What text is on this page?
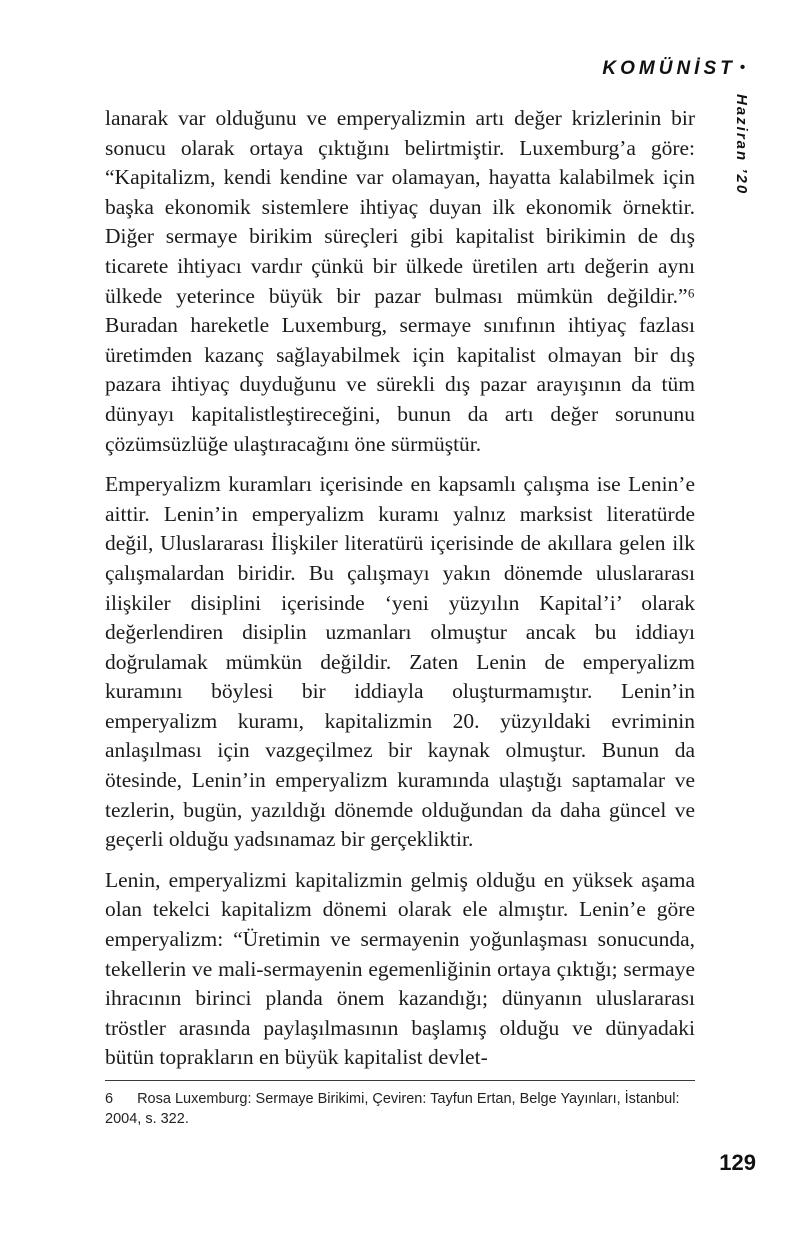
KOMÜNİST •
Haziran ’20

lanarak var olduğunu ve emperyalizmin artı değer krizlerinin bir sonucu olarak ortaya çıktığını belirtmiştir. Luxemburg’a göre: “Kapitalizm, kendi kendine var olamayan, hayatta kalabilmek için başka ekonomik sistemlere ihtiyaç duyan ilk ekonomik örnektir. Diğer sermaye birikim süreçleri gibi kapitalist birikimin de dış ticarete ihtiyacı vardır çünkü bir ülkede üretilen artı değerin aynı ülkede yeterince büyük bir pazar bulması mümkün değildir.”⁶ Buradan hareketle Luxemburg, sermaye sınıfının ihtiyaç fazlası üretimden kazanç sağlayabilmek için kapitalist olmayan bir dış pazara ihtiyaç duyduğunu ve sürekli dış pazar arayışının da tüm dünyayı kapitalistleştireceğini, bunun da artı değer sorununu çözümsüzlüğe ulaştıracağını öne sürmüştür.

Emperyalizm kuramları içerisinde en kapsamlı çalışma ise Lenin’e aittir. Lenin’in emperyalizm kuramı yalnız marksist literatürde değil, Uluslararası İlişkiler literatürü içerisinde de akıllara gelen ilk çalışmalardan biridir. Bu çalışmayı yakın dönemde uluslararası ilişkiler disiplini içerisinde ‘yeni yüzyılın Kapital’i’ olarak değerlendiren disiplin uzmanları olmuştur ancak bu iddiayı doğrulamak mümkün değildir. Zaten Lenin de emperyalizm kuramını böylesi bir iddiayla oluşturmamıştır. Lenin’in emperyalizm kuramı, kapitalizmin 20. yüzyıldaki evriminin anlaşılması için vazgeçilmez bir kaynak olmuştur. Bunun da ötesinde, Lenin’in emperyalizm kuramında ulaştığı saptamalar ve tezlerin, bugün, yazıldığı dönemde olduğundan da daha güncel ve geçerli olduğu yadsınamaz bir gerçekliktir.

Lenin, emperyalizmi kapitalizmin gelmiş olduğu en yüksek aşama olan tekelci kapitalizm dönemi olarak ele almıştır. Lenin’e göre emperyalizm: “Üretimin ve sermayenin yoğunlaşması sonucunda, tekellerin ve mali-sermayenin egemenliğinin ortaya çıktığı; sermaye ihracının birinci planda önem kazandığı; dünyanın uluslararası tröstler arasında paylaşılmasının başlamış olduğu ve dünyadaki bütün toprakların en büyük kapitalist devlet-

6 Rosa Luxemburg: Sermaye Birikimi, Çeviren: Tayfun Ertan, Belge Yayınları, İstanbul: 2004, s. 322.

129
